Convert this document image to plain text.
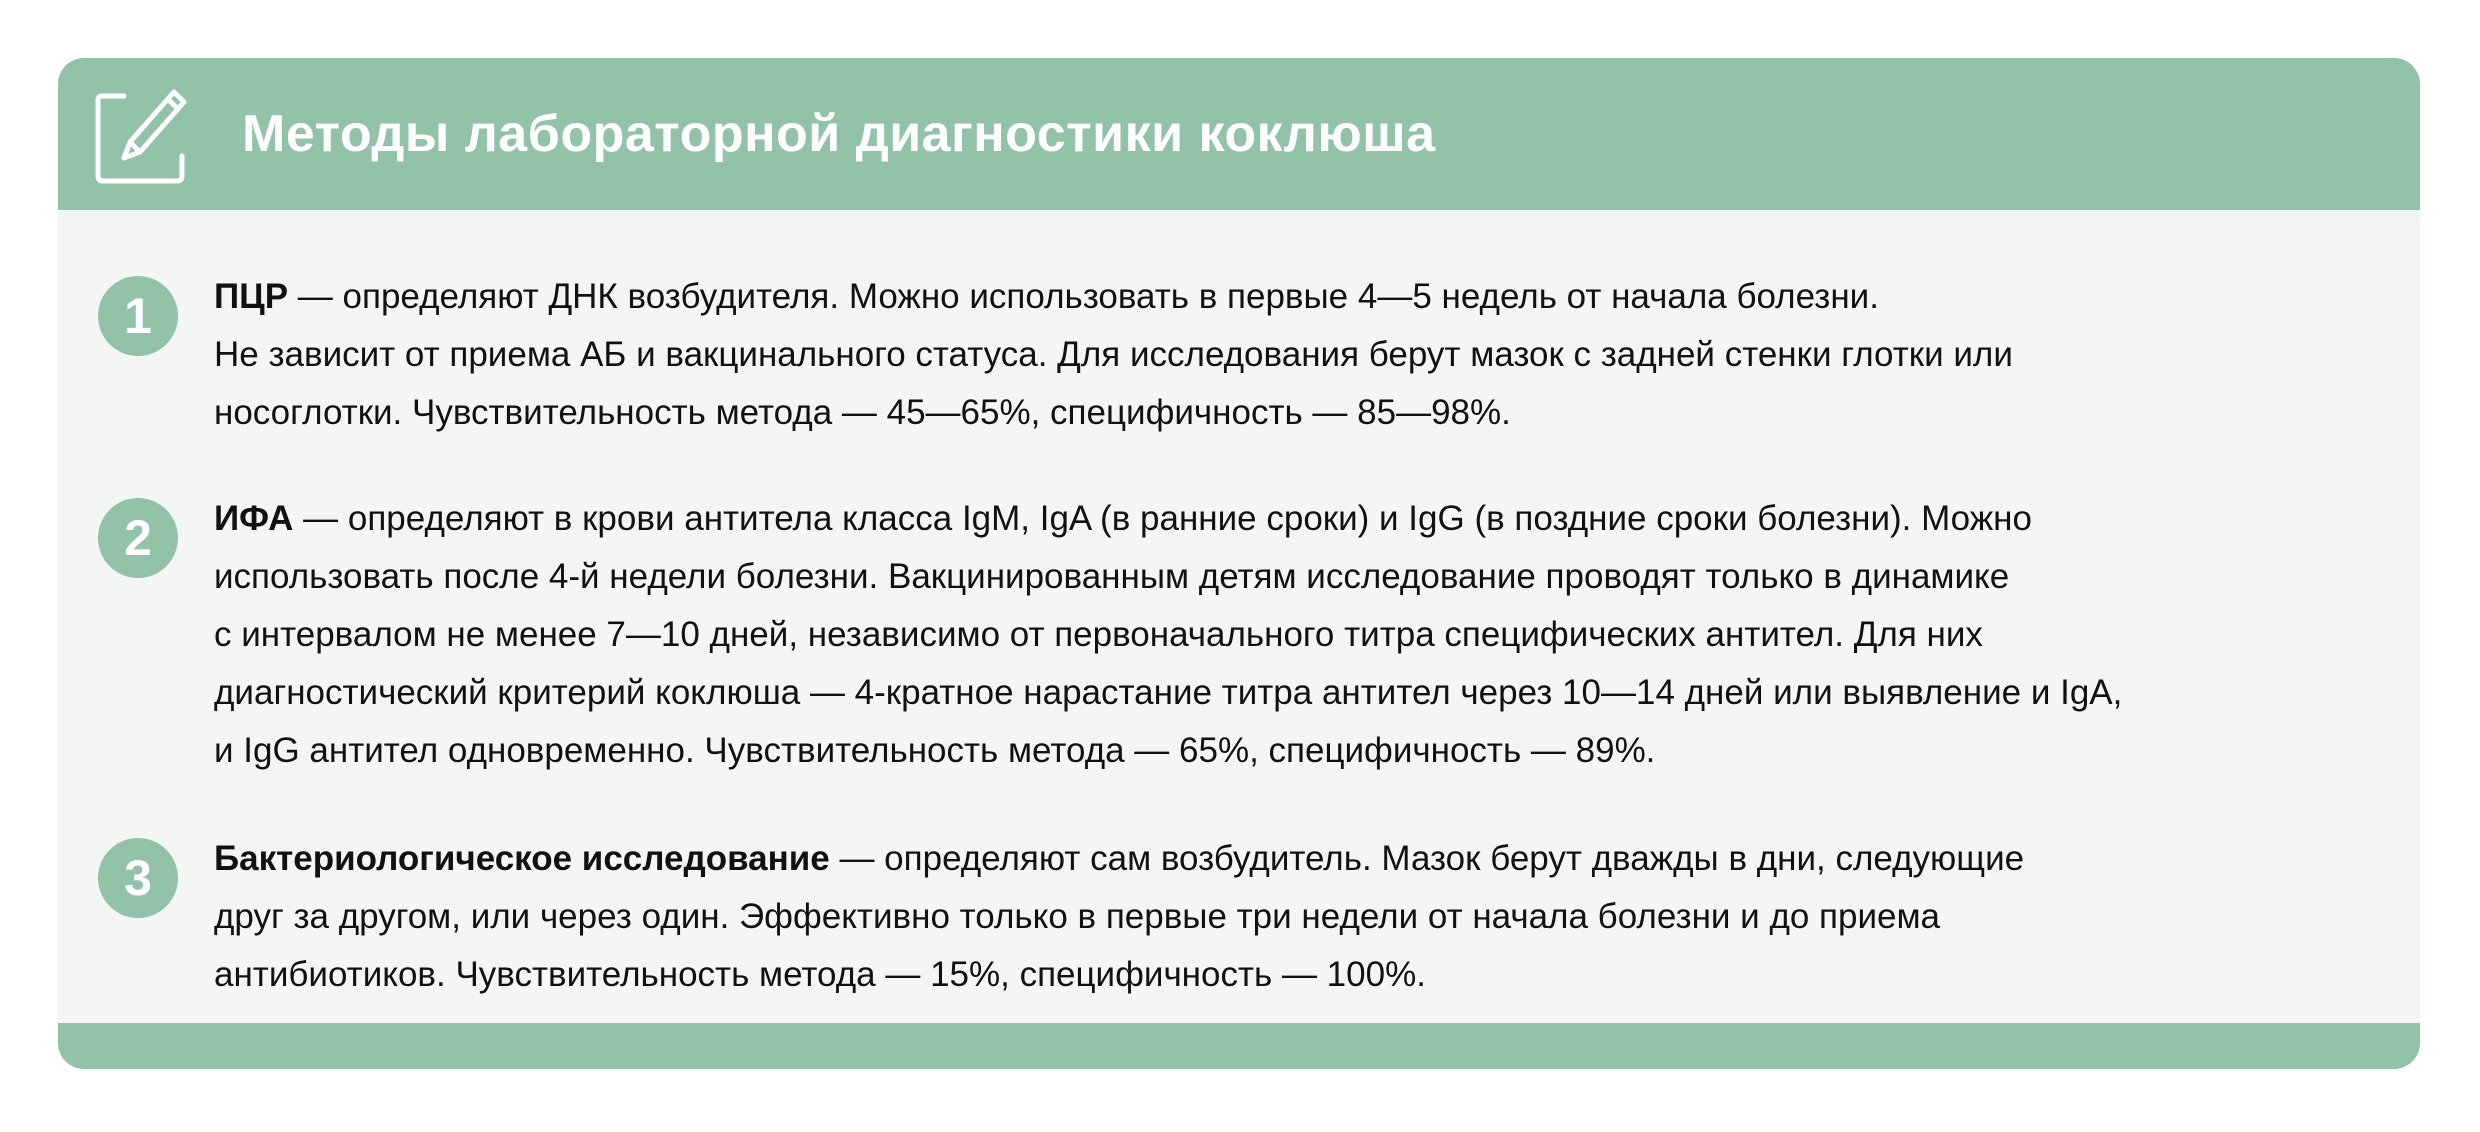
Методы лабораторной диагностики коклюша
1	ПЦР — определяют ДНК возбудителя. Можно использовать в первые 4—5 недель от начала болезни.
Не зависит от приема АБ и вакцинального статуса. Для исследования берут мазок с задней стенки глотки или
носоглотки. Чувствительность метода — 45—65%, специфичность — 85—98%.
2	ИФА — определяют в крови антитела класса IgM, IgA (в ранние сроки) и IgG (в поздние сроки болезни). Можно
использовать после 4-й недели болезни. Вакцинированным детям исследование проводят только в динамике
с интервалом не менее 7—10 дней, независимо от первоначального титра специфических антител. Для них
диагностический критерий коклюша — 4-кратное нарастание титра антител через 10—14 дней или выявление и IgA,
и IgG антител одновременно. Чувствительность метода — 65%, специфичность — 89%.
3	Бактериологическое исследование — определяют сам возбудитель. Мазок берут дважды в дни, следующие
друг за другом, или через один. Эффективно только в первые три недели от начала болезни и до приема
антибиотиков. Чувствительность метода — 15%, специфичность — 100%.
